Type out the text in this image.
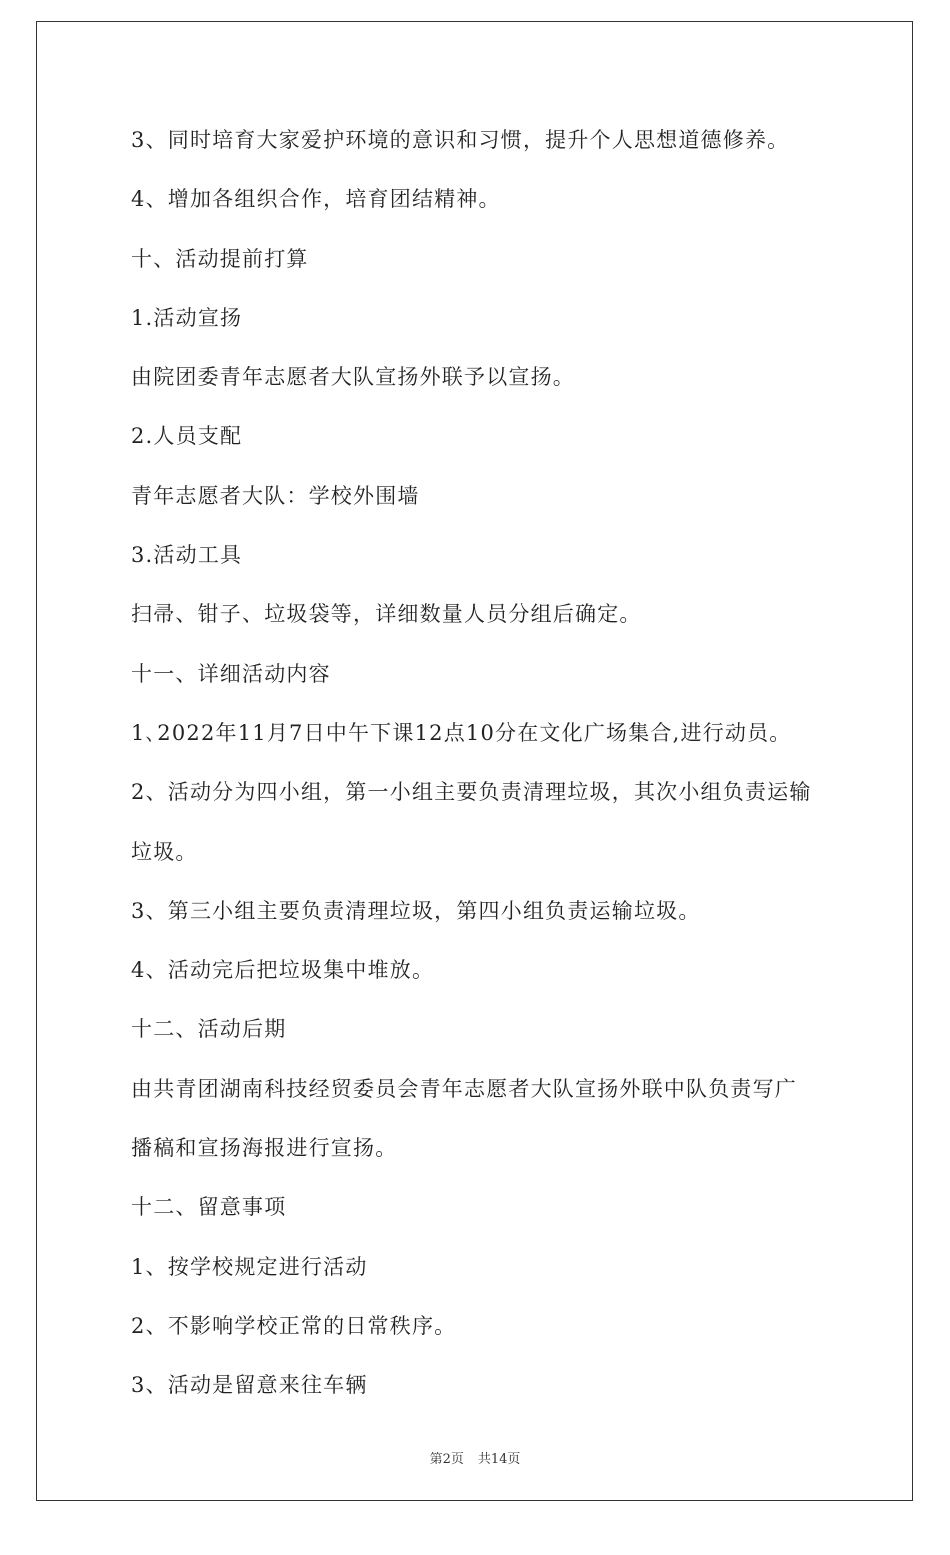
3、同时培育大家爱护环境的意识和习惯，提升个人思想道德修养。

4、增加各组织合作，培育团结精神。

十、活动提前打算

1.活动宣扬

由院团委青年志愿者大队宣扬外联予以宣扬。

2.人员支配

青年志愿者大队：学校外围墙

3.活动工具

扫帚、钳子、垃圾袋等，详细数量人员分组后确定。

十一、详细活动内容

1､2022年11月7日中午下课12点10分在文化广场集合,进行动员。

2、活动分为四小组，第一小组主要负责清理垃圾，其次小组负责运输

垃圾。

3、第三小组主要负责清理垃圾，第四小组负责运输垃圾。

4、活动完后把垃圾集中堆放。

十二、活动后期

由共青团湖南科技经贸委员会青年志愿者大队宣扬外联中队负责写广

播稿和宣扬海报进行宣扬。

十二、留意事项

1、按学校规定进行活动

2、不影响学校正常的日常秩序。

3、活动是留意来往车辆

第2页 共14页
